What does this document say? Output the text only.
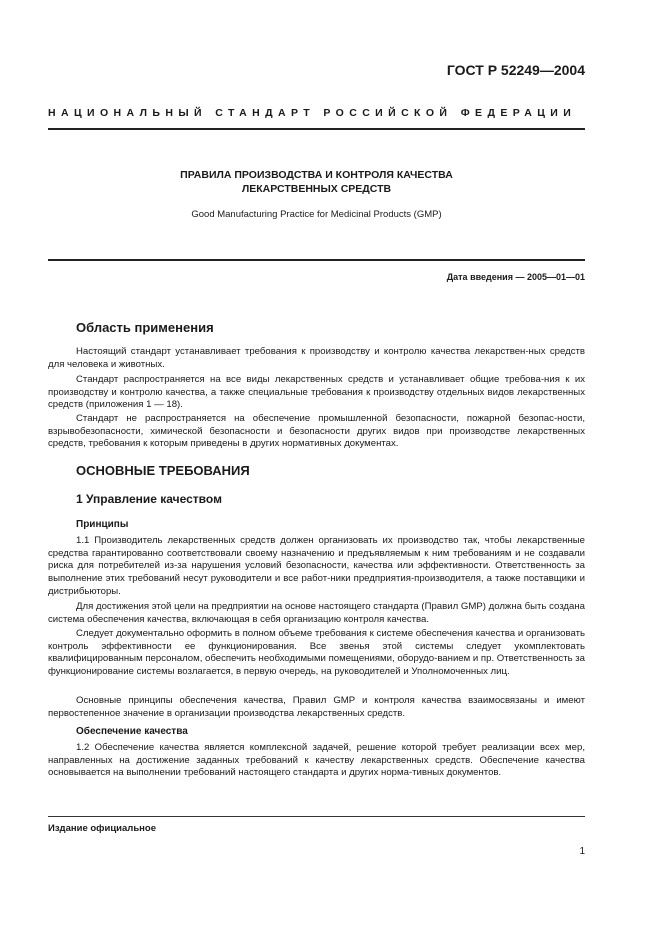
ГОСТ Р 52249—2004
НАЦИОНАЛЬНЫЙ СТАНДАРТ РОССИЙСКОЙ ФЕДЕРАЦИИ
ПРАВИЛА ПРОИЗВОДСТВА И КОНТРОЛЯ КАЧЕСТВА
ЛЕКАРСТВЕННЫХ СРЕДСТВ
Good Manufacturing Practice for Medicinal Products (GMP)
Дата введения — 2005—01—01
Область применения

Настоящий стандарт устанавливает требования к производству и контролю качества лекарствен-ных средств для человека и животных.

Стандарт распространяется на все виды лекарственных средств и устанавливает общие требова-ния к их производству и контролю качества, а также специальные требования к производству отдельных видов лекарственных средств (приложения 1 — 18).

Стандарт не распространяется на обеспечение промышленной безопасности, пожарной безопас-ности, взрывобезопасности, химической безопасности и безопасности других видов при производстве лекарственных средств, требования к которым приведены в других нормативных документах.

ОСНОВНЫЕ ТРЕБОВАНИЯ
1 Управление качеством
Принципы

1.1 Производитель лекарственных средств должен организовать их производство так, чтобы лекарственные средства гарантированно соответствовали своему назначению и предъявляемым к ним требованиям и не создавали риска для потребителей из-за нарушения условий безопасности, качества или эффективности. Ответственность за выполнение этих требований несут руководители и все работ-ники предприятия-производителя, а также поставщики и дистрибьюторы.

Для достижения этой цели на предприятии на основе настоящего стандарта (Правил GMP) должна быть создана система обеспечения качества, включающая в себя организацию контроля качества.

Следует документально оформить в полном объеме требования к системе обеспечения качества и организовать контроль эффективности ее функционирования. Все звенья этой системы следует укомплектовать квалифицированным персоналом, обеспечить необходимыми помещениями, оборудо-ванием и пр. Ответственность за функционирование системы возлагается, в первую очередь, на руководителей и Уполномоченных лиц.

Основные принципы обеспечения качества, Правил GMP и контроля качества взаимосвязаны и имеют первостепенное значение в организации производства лекарственных средств.

Обеспечение качества

1.2 Обеспечение качества является комплексной задачей, решение которой требует реализации всех мер, направленных на достижение заданных требований к качеству лекарственных средств. Обеспечение качества основывается на выполнении требований настоящего стандарта и других норма-тивных документов.

Издание официальное
1
